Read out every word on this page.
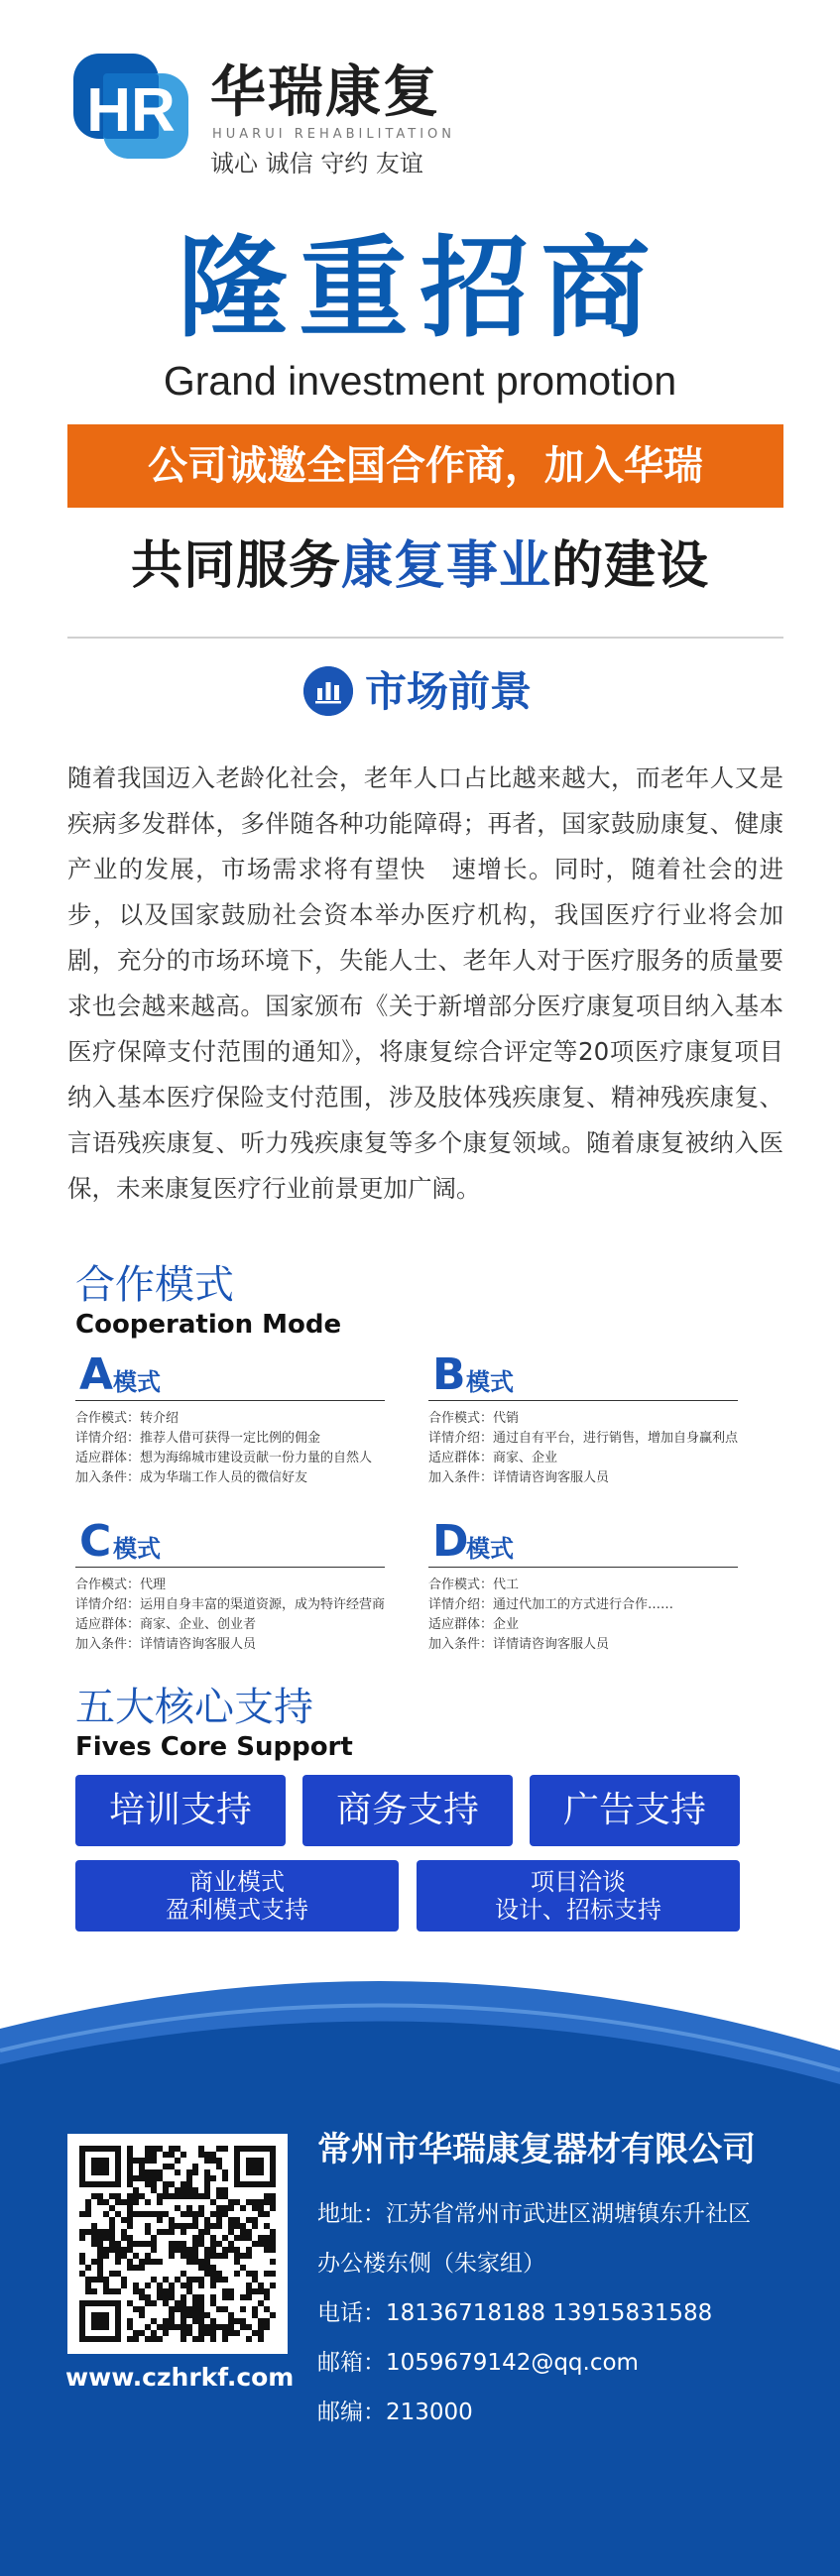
HR 华瑞康复
HUARUI REHABILITATION
诚心 诚信 守约 友谊
隆重招商
Grand investment promotion
公司诚邀全国合作商，加入华瑞
共同服务康复事业的建设
市场前景
随着我国迈入老龄化社会，老年人口占比越来越大，而老年人又是疾病多发群体，多伴随各种功能障碍；再者，国家鼓励康复、健康产业的发展，市场需求将有望快　速增长。同时，随着社会的进步，以及国家鼓励社会资本举办医疗机构，我国医疗行业将会加剧，充分的市场环境下，失能人士、老年人对于医疗服务的质量要求也会越来越高。国家颁布《关于新增部分医疗康复项目纳入基本医疗保障支付范围的通知》，将康复综合评定等20项医疗康复项目纳入基本医疗保险支付范围，涉及肢体残疾康复、精神残疾康复、言语残疾康复、听力残疾康复等多个康复领域。随着康复被纳入医保，未来康复医疗行业前景更加广阔。
合作模式
Cooperation Mode
A 模式
合作模式：转介绍
详情介绍：推荐人借可获得一定比例的佣金
适应群体：想为海绵城市建设贡献一份力量的自然人
加入条件：成为华瑞工作人员的微信好友
B 模式
合作模式：代销
详情介绍：通过自有平台，进行销售，增加自身赢利点
适应群体：商家、企业
加入条件：详情请咨询客服人员
C 模式
合作模式：代理
详情介绍：运用自身丰富的渠道资源，成为特许经营商
适应群体：商家、企业、创业者
加入条件：详情请咨询客服人员
D
模式
合作模式：代工
详情介绍：通过代加工的方式进行合作……
适应群体：企业
加入条件：详情请咨询客服人员
五大核心支持
Fives Core Support
培训支持	商务支持	广告支持
商业模式
盈利模式支持
项目洽谈
设计、招标支持
www.czhrkf.com
常州市华瑞康复器材有限公司
地址：江苏省常州市武进区湖塘镇东升社区
办公楼东侧（朱家组）
电话：18136718188 13915831588
邮箱：1059679142@qq.com
邮编：213000
